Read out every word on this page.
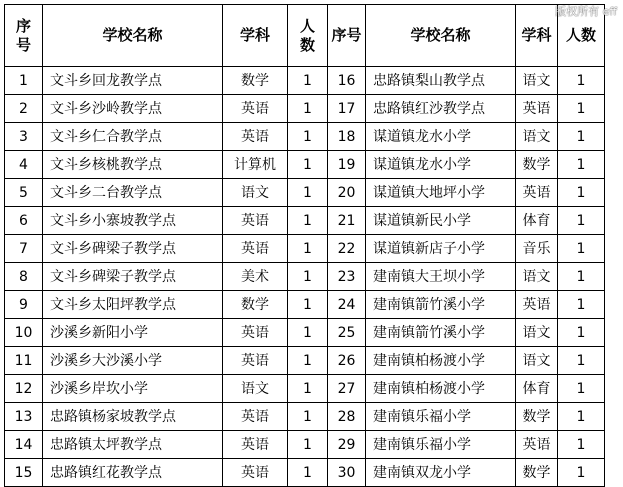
序号	学校名称	学科	人数	序号	学校名称	学科	人数
1	文斗乡回龙教学点	数学	1	16	忠路镇梨山教学点	语文	1
2	文斗乡沙岭教学点	英语	1	17	忠路镇红沙教学点	英语	1
3	文斗乡仁合教学点	英语	1	18	谋道镇龙水小学	语文	1
4	文斗乡核桃教学点	计算机	1	19	谋道镇龙水小学	数学	1
5	文斗乡二台教学点	语文	1	20	谋道镇大地坪小学	英语	1
6	文斗乡小寨坡教学点	英语	1	21	谋道镇新民小学	体育	1
7	文斗乡碑梁子教学点	英语	1	22	谋道镇新店子小学	音乐	1
8	文斗乡碑梁子教学点	美术	1	23	建南镇大王坝小学	语文	1
9	文斗乡太阳坪教学点	数学	1	24	建南镇箭竹溪小学	英语	1
10	沙溪乡新阳小学	英语	1	25	建南镇箭竹溪小学	语文	1
11	沙溪乡大沙溪小学	英语	1	26	建南镇柏杨渡小学	语文	1
12	沙溪乡岸坎小学	语文	1	27	建南镇柏杨渡小学	体育	1
13	忠路镇杨家坡教学点	英语	1	28	建南镇乐福小学	数学	1
14	忠路镇太坪教学点	英语	1	29	建南镇乐福小学	英语	1
15	忠路镇红花教学点	英语	1	30	建南镇双龙小学	数学	1
版权所有 eff
